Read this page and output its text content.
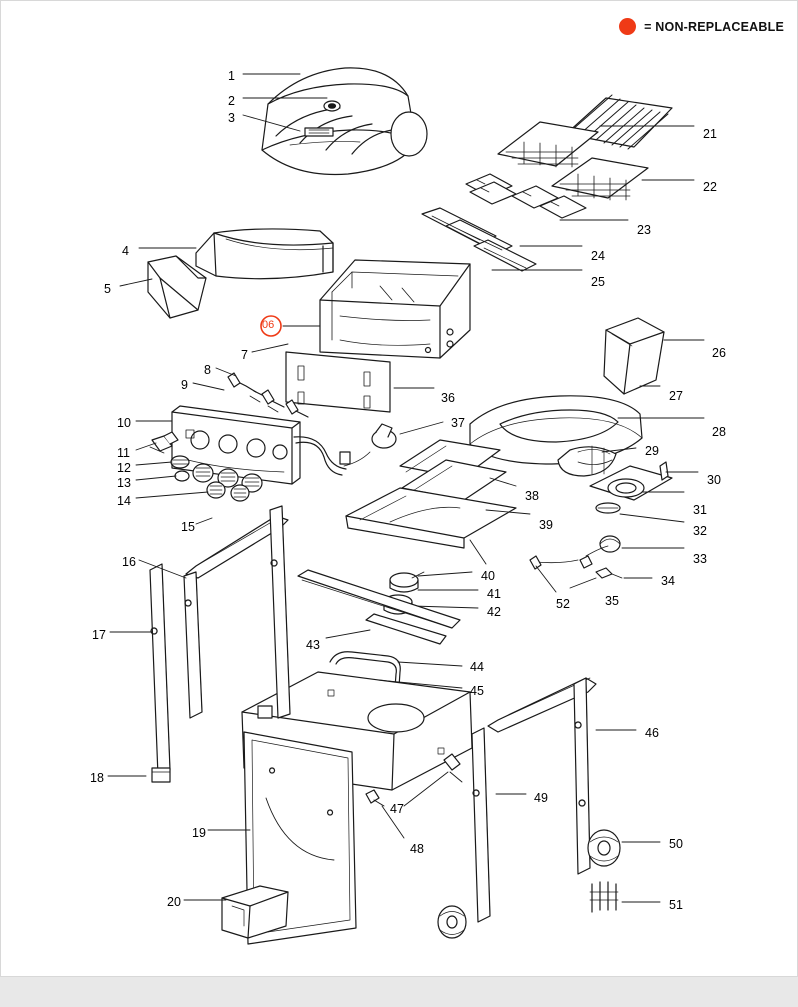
= NON-REPLACEABLE
1
2
3
4
5
06
7
8
9
10
11
12
13
14
15
16
17
18
19
20
21
22
23
24
25
26
27
28
29
30
31
32
33
34
35
36
37
38
39
40
41
42
43
44
45
46
47
48
49
50
51
52
